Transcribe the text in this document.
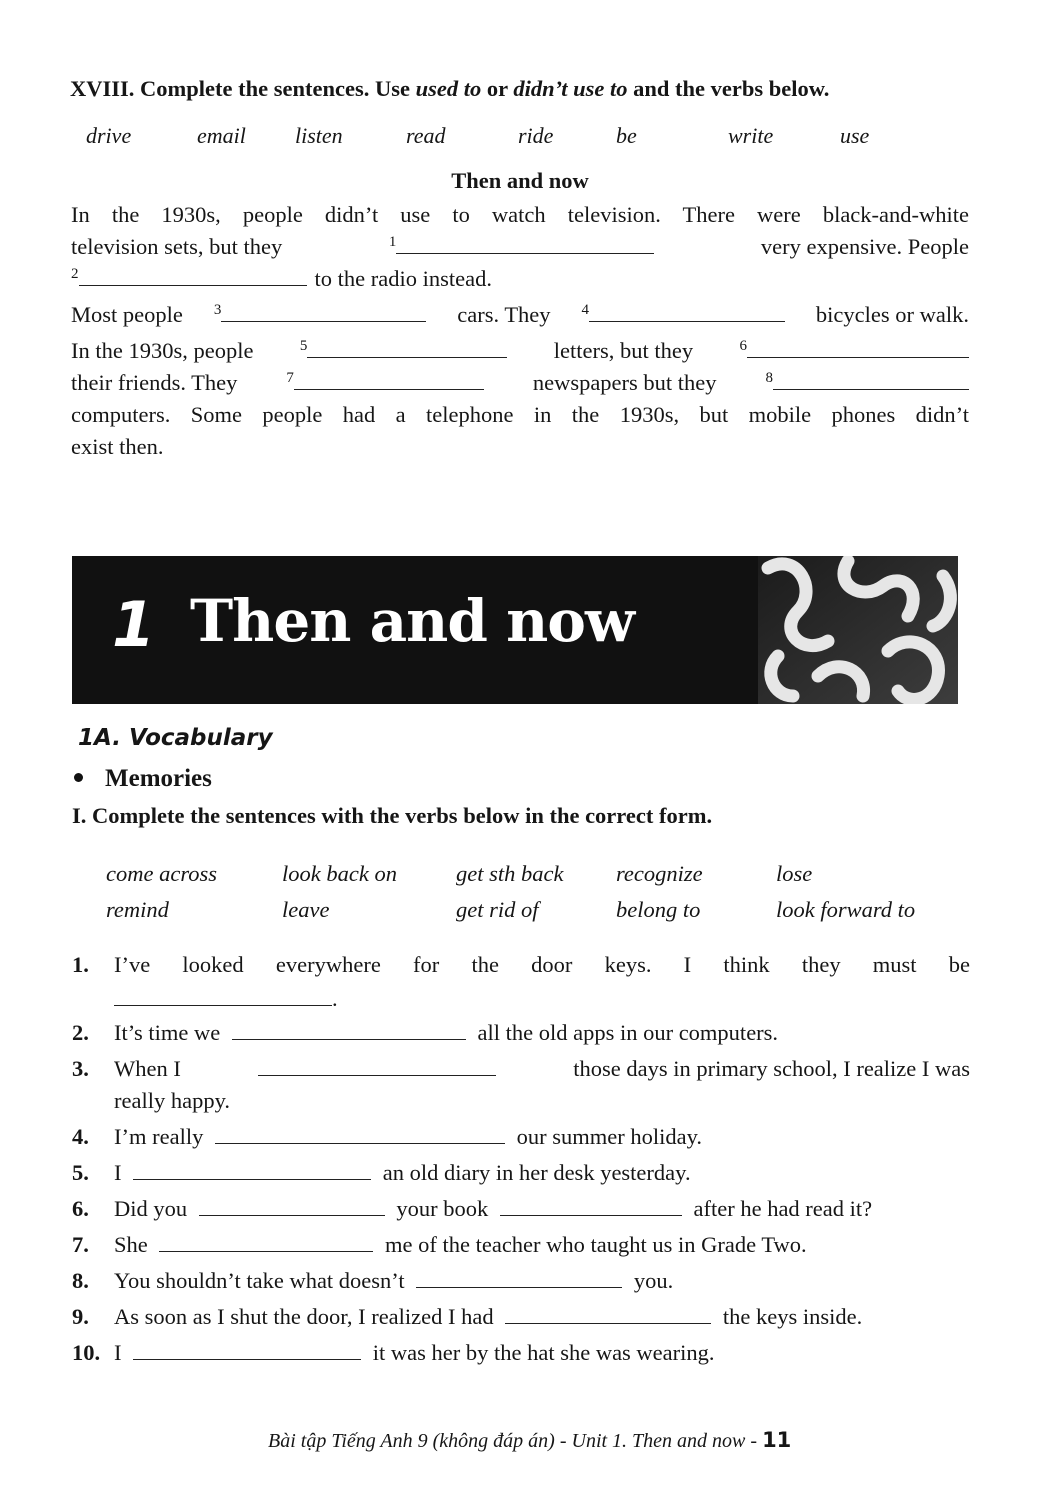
XVIII. Complete the sentences. Use used to or didn’t use to and the verbs below.
drive	email listen	read	ride	be	write	use
Then and now
In the 1930s, people didn’t use to watch television. There were black-and-white
television sets, but they	$^1$	very expensive. People
$^2$	to the radio instead.
Most people $^3$	cars. They $^4$	bicycles or walk.
In the 1930s, people	$^5$	letters, but they	$^6$
their friends. They	$^7$	newspapers but they	$^8$
computers. Some people had a telephone in the 1930s, but mobile phones didn’t
exist then.
1 Then and now
1A. Vocabulary
Memories
I. Complete the sentences with the verbs below in the correct form.
come across	look back on	get sth back recognize	lose
remind	leave	get rid of	belong to	look forward to
1. I’ve looked everywhere for the door keys. I think they must be
.
2. It’s time we	all the old apps in our computers.
3. When I	those days in primary school, I realize I was
really happy.
4. I’m really	our summer holiday.
5. I	an old diary in her desk yesterday.
6. Did you	your book	after he had read it?
7. She	me of the teacher who taught us in Grade Two.
8. You shouldn’t take what doesn’t	you.
9. As soon as I shut the door, I realized I had	the keys inside.
10. I	it was her by the hat she was wearing.
Bài tập Tiếng Anh 9 (không đáp án) - Unit 1. Then and now - 11
